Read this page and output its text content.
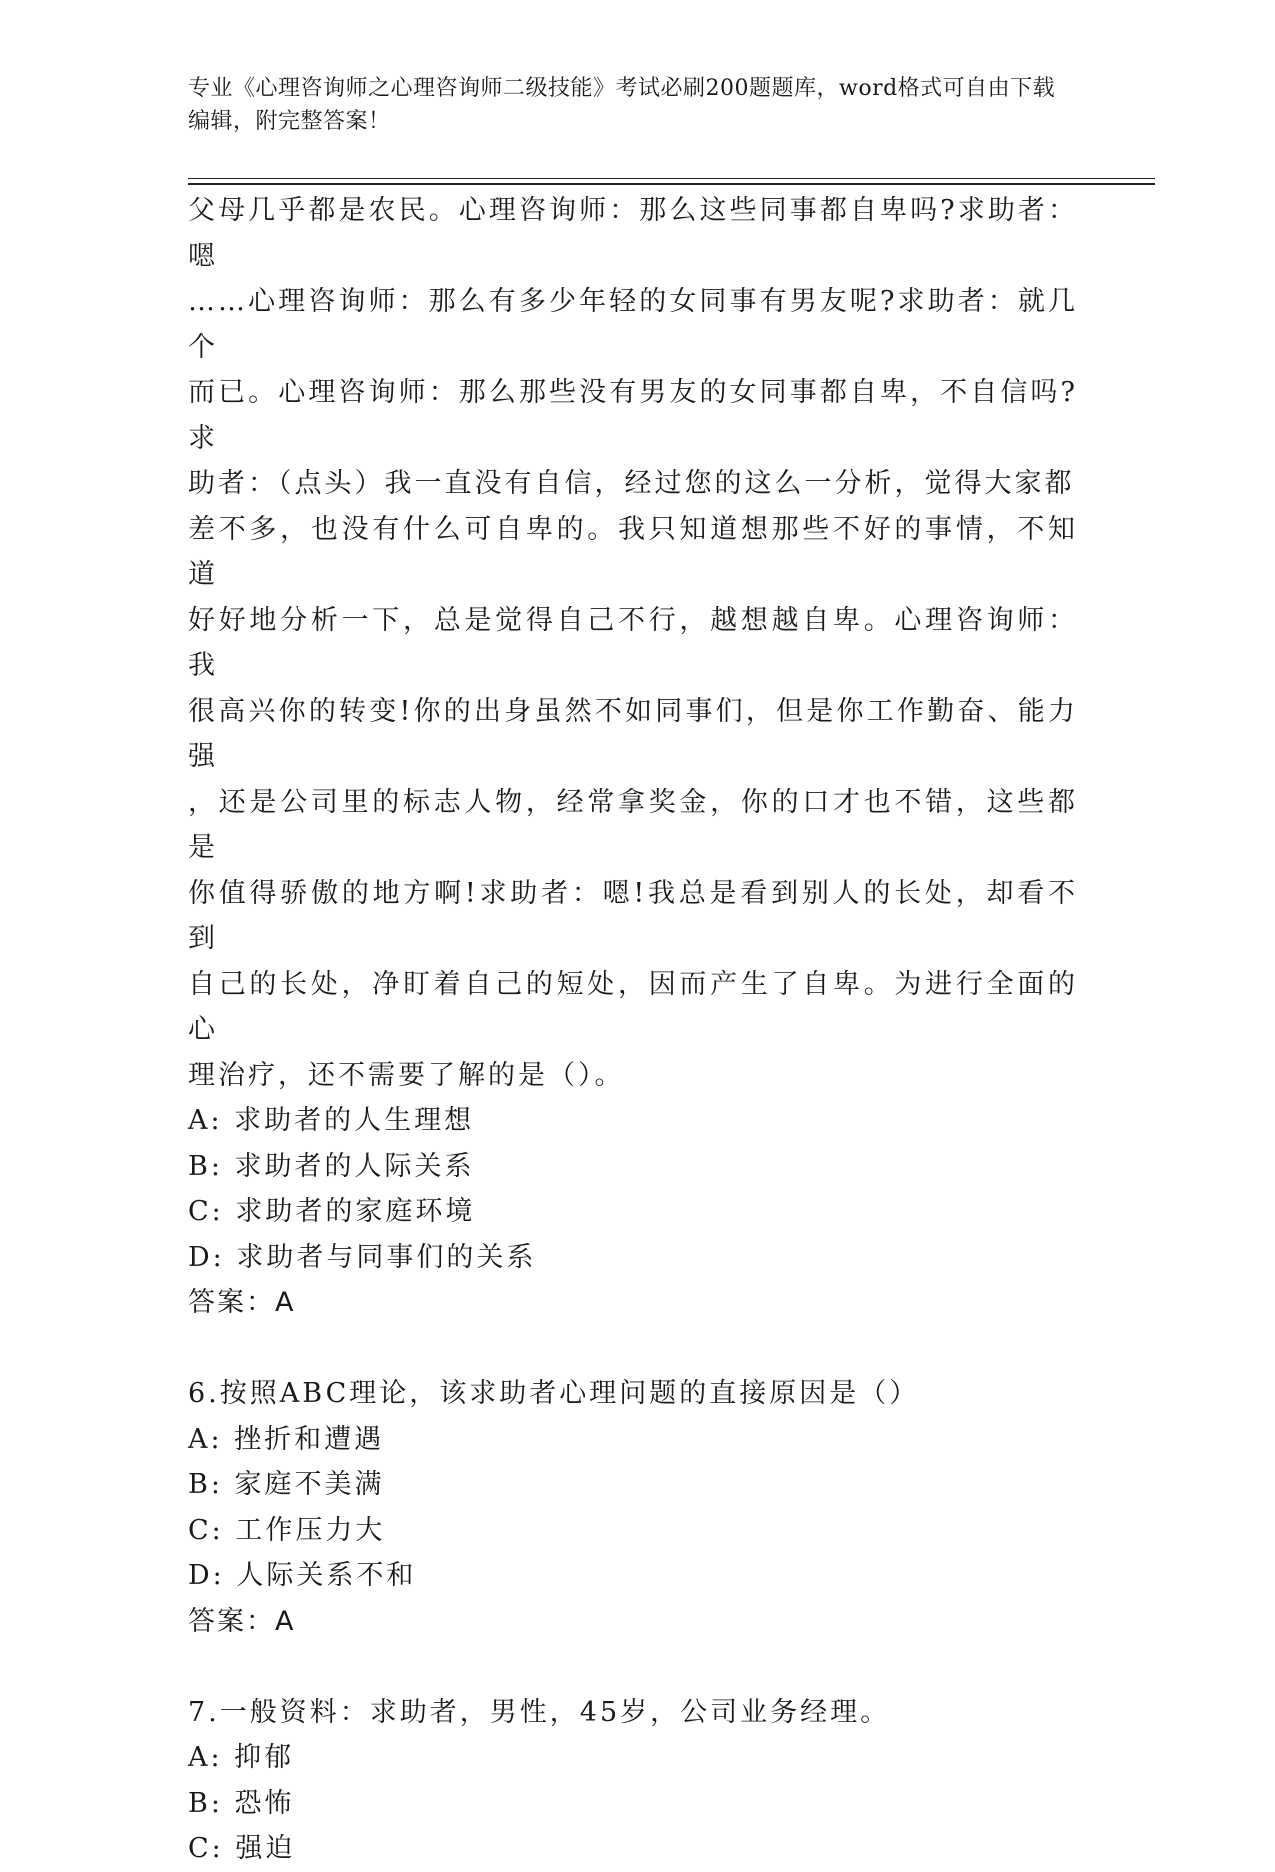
专业《心理咨询师之心理咨询师二级技能》考试必刷200题题库，word格式可自由下载编辑，附完整答案！

父母几乎都是农民。心理咨询师：那么这些同事都自卑吗?求助者：嗯

……心理咨询师：那么有多少年轻的女同事有男友呢?求助者：就几个

而已。心理咨询师：那么那些没有男友的女同事都自卑，不自信吗?求

助者：（点头）我一直没有自信，经过您的这么一分析，觉得大家都

差不多，也没有什么可自卑的。我只知道想那些不好的事情，不知道

好好地分析一下，总是觉得自己不行，越想越自卑。心理咨询师：我

很高兴你的转变!你的出身虽然不如同事们，但是你工作勤奋、能力强

，还是公司里的标志人物，经常拿奖金，你的口才也不错，这些都是

你值得骄傲的地方啊!求助者：嗯!我总是看到别人的长处，却看不到

自己的长处，净盯着自己的短处，因而产生了自卑。为进行全面的心

理治疗，还不需要了解的是（）。

A: 求助者的人生理想

B: 求助者的人际关系

C: 求助者的家庭环境

D: 求助者与同事们的关系

答案：A

6.按照ABC理论，该求助者心理问题的直接原因是（）

A: 挫折和遭遇

B: 家庭不美满

C: 工作压力大

D: 人际关系不和

答案：A

7.一般资料：求助者，男性，45岁，公司业务经理。

A: 抑郁

B: 恐怖

C: 强迫
